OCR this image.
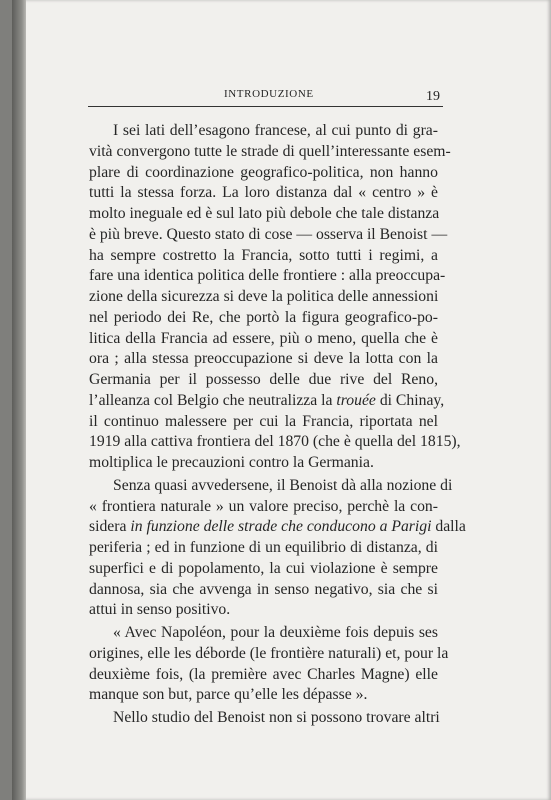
INTRODUZIONE	19
I sei lati dell’esagono francese, al cui punto di gra-
vità convergono tutte le strade di quell’interessante esem-
plare di coordinazione geografico-politica, non hanno
tutti la stessa forza. La loro distanza dal « centro » è
molto ineguale ed è sul lato più debole che tale distanza
è più breve. Questo stato di cose — osserva il Benoist —
ha sempre costretto la Francia, sotto tutti i regimi, a
fare una identica politica delle frontiere : alla preoccupa-
zione della sicurezza si deve la politica delle annessioni
nel periodo dei Re, che portò la figura geografico-po-
litica della Francia ad essere, più o meno, quella che è
ora ; alla stessa preoccupazione si deve la lotta con la
Germania per il possesso delle due rive del Reno,
l’alleanza col Belgio che neutralizza la trouée di Chinay,
il continuo malessere per cui la Francia, riportata nel
1919 alla cattiva frontiera del 1870 (che è quella del 1815),
moltiplica le precauzioni contro la Germania.
Senza quasi avvedersene, il Benoist dà alla nozione di
« frontiera naturale » un valore preciso, perchè la con-
sidera in funzione delle strade che conducono a Parigi dalla
periferia ; ed in funzione di un equilibrio di distanza, di
superfici e di popolamento, la cui violazione è sempre
dannosa, sia che avvenga in senso negativo, sia che si
attui in senso positivo.
« Avec Napoléon, pour la deuxième fois depuis ses
origines, elle les déborde (le frontière naturali) et, pour la
deuxième fois, (la première avec Charles Magne) elle
manque son but, parce qu’elle les dépasse ».
Nello studio del Benoist non si possono trovare altri
